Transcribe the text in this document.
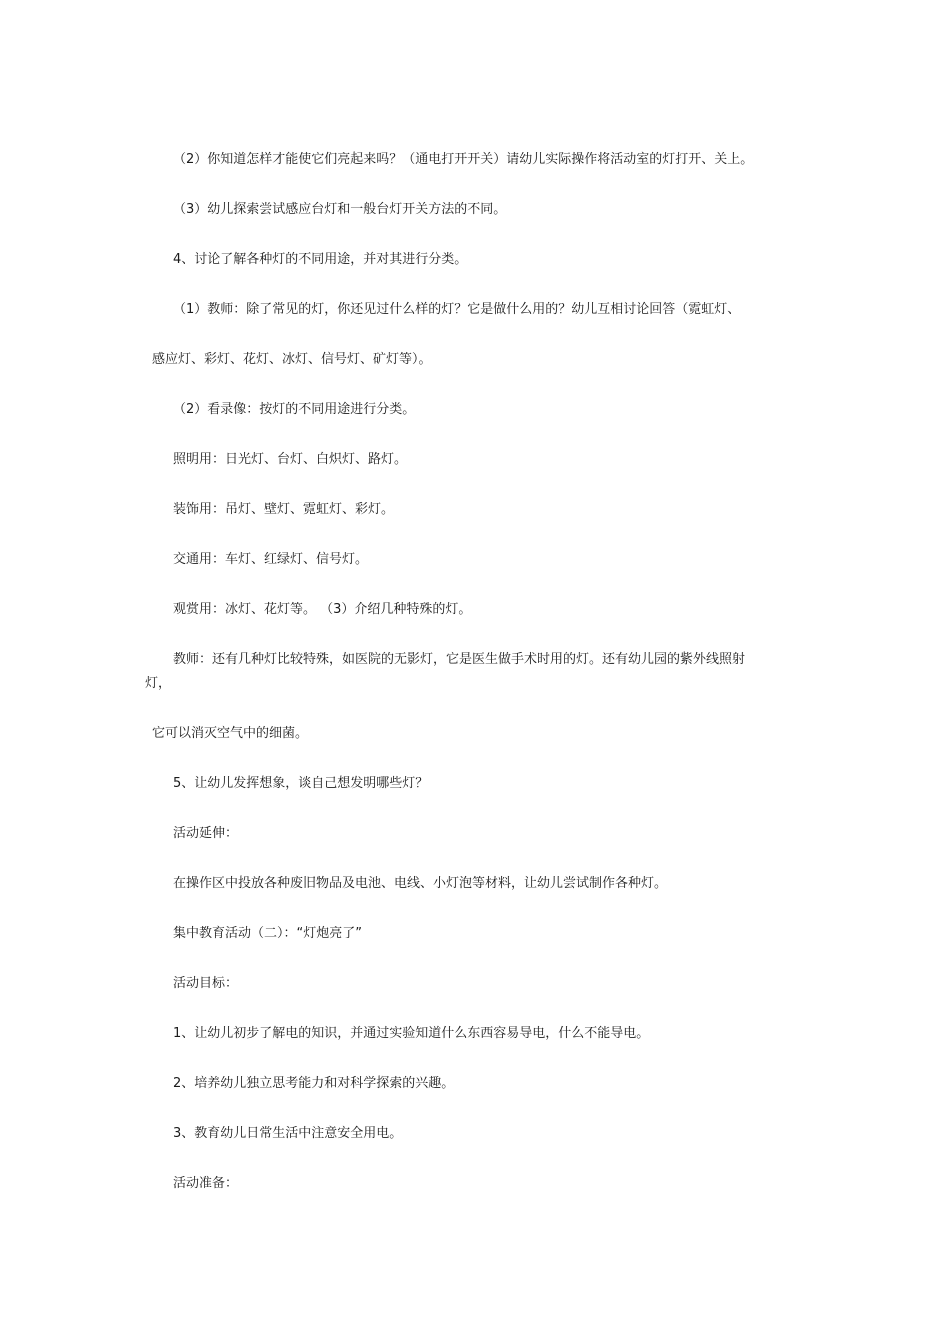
（2）你知道怎样才能使它们亮起来吗？（通电打开开关）请幼儿实际操作将活动室的灯打开、关上。
（3）幼儿探索尝试感应台灯和一般台灯开关方法的不同。
4、讨论了解各种灯的不同用途，并对其进行分类。
（1）教师：除了常见的灯，你还见过什么样的灯？它是做什么用的？幼儿互相讨论回答（霓虹灯、
感应灯、彩灯、花灯、冰灯、信号灯、矿灯等）。
（2）看录像：按灯的不同用途进行分类。
照明用：日光灯、台灯、白炽灯、路灯。
装饰用：吊灯、壁灯、霓虹灯、彩灯。
交通用：车灯、红绿灯、信号灯。
观赏用：冰灯、花灯等。 （3）介绍几种特殊的灯。
教师：还有几种灯比较特殊，如医院的无影灯，它是医生做手术时用的灯。还有幼儿园的紫外线照射
灯，
它可以消灭空气中的细菌。
5、让幼儿发挥想象，谈自己想发明哪些灯？
活动延伸：
在操作区中投放各种废旧物品及电池、电线、小灯泡等材料，让幼儿尝试制作各种灯。
集中教育活动（二）：“灯炮亮了”
活动目标：
1、让幼儿初步了解电的知识，并通过实验知道什么东西容易导电，什么不能导电。
2、培养幼儿独立思考能力和对科学探索的兴趣。
3、教育幼儿日常生活中注意安全用电。
活动准备：
